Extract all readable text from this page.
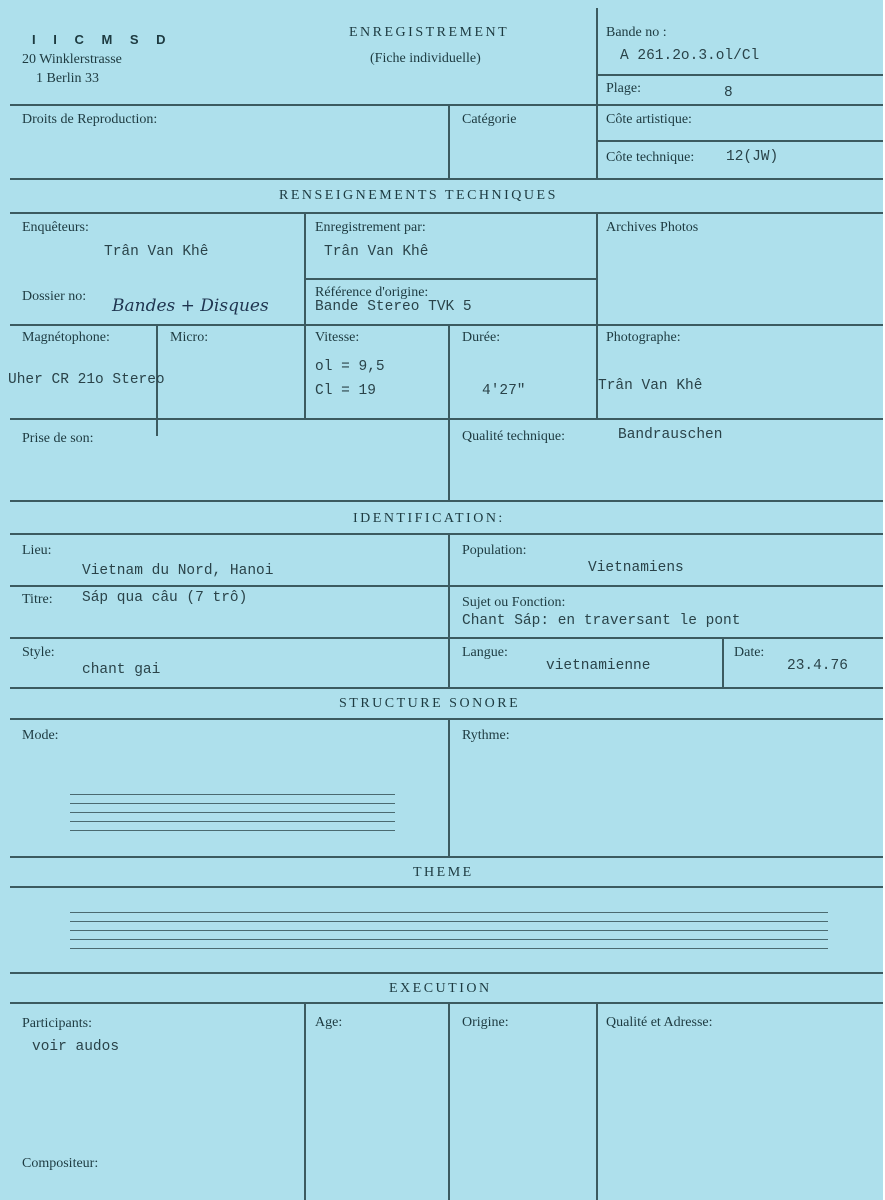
I I C M S D
20 Winklerstrasse
1 Berlin 33
ENREGISTREMENT
(Fiche individuelle)
Bande no :
A 261.2o.3.ol/Cl
Plage:	8
Droits de Reproduction:	Catégorie	Côte artistique:
Côte technique: 12(JW)
RENSEIGNEMENTS TECHNIQUES
Enquêteurs:
Trân Van Khê
Enregistrement par:
Trân Van Khê
Archives Photos
Dossier no: Bandes + Disques
Référence d'origine:
Bande Stereo TVK 5
Magnétophone:	Micro:
Uher CR 21o Stereo
Vitesse:
ol = 9,5
Cl = 19
Durée:
4'27"
Photographe:
Trân Van Khê
Prise de son:	Qualité technique:	Bandrauschen
IDENTIFICATION:
Lieu:
Vietnam du Nord, Hanoi
Population:
Vietnamiens
Titre: Sáp qua câu (7 trô)	Sujet ou Fonction:
Chant Sáp: en traversant le pont
Style:
chant gai
Langue:
vietnamienne
Date:
23.4.76
STRUCTURE SONORE
Mode:	Rythme:
THEME
EXECUTION
Participants:
voir audos
Age:	Origine:	Qualité et Adresse:
Compositeur:
